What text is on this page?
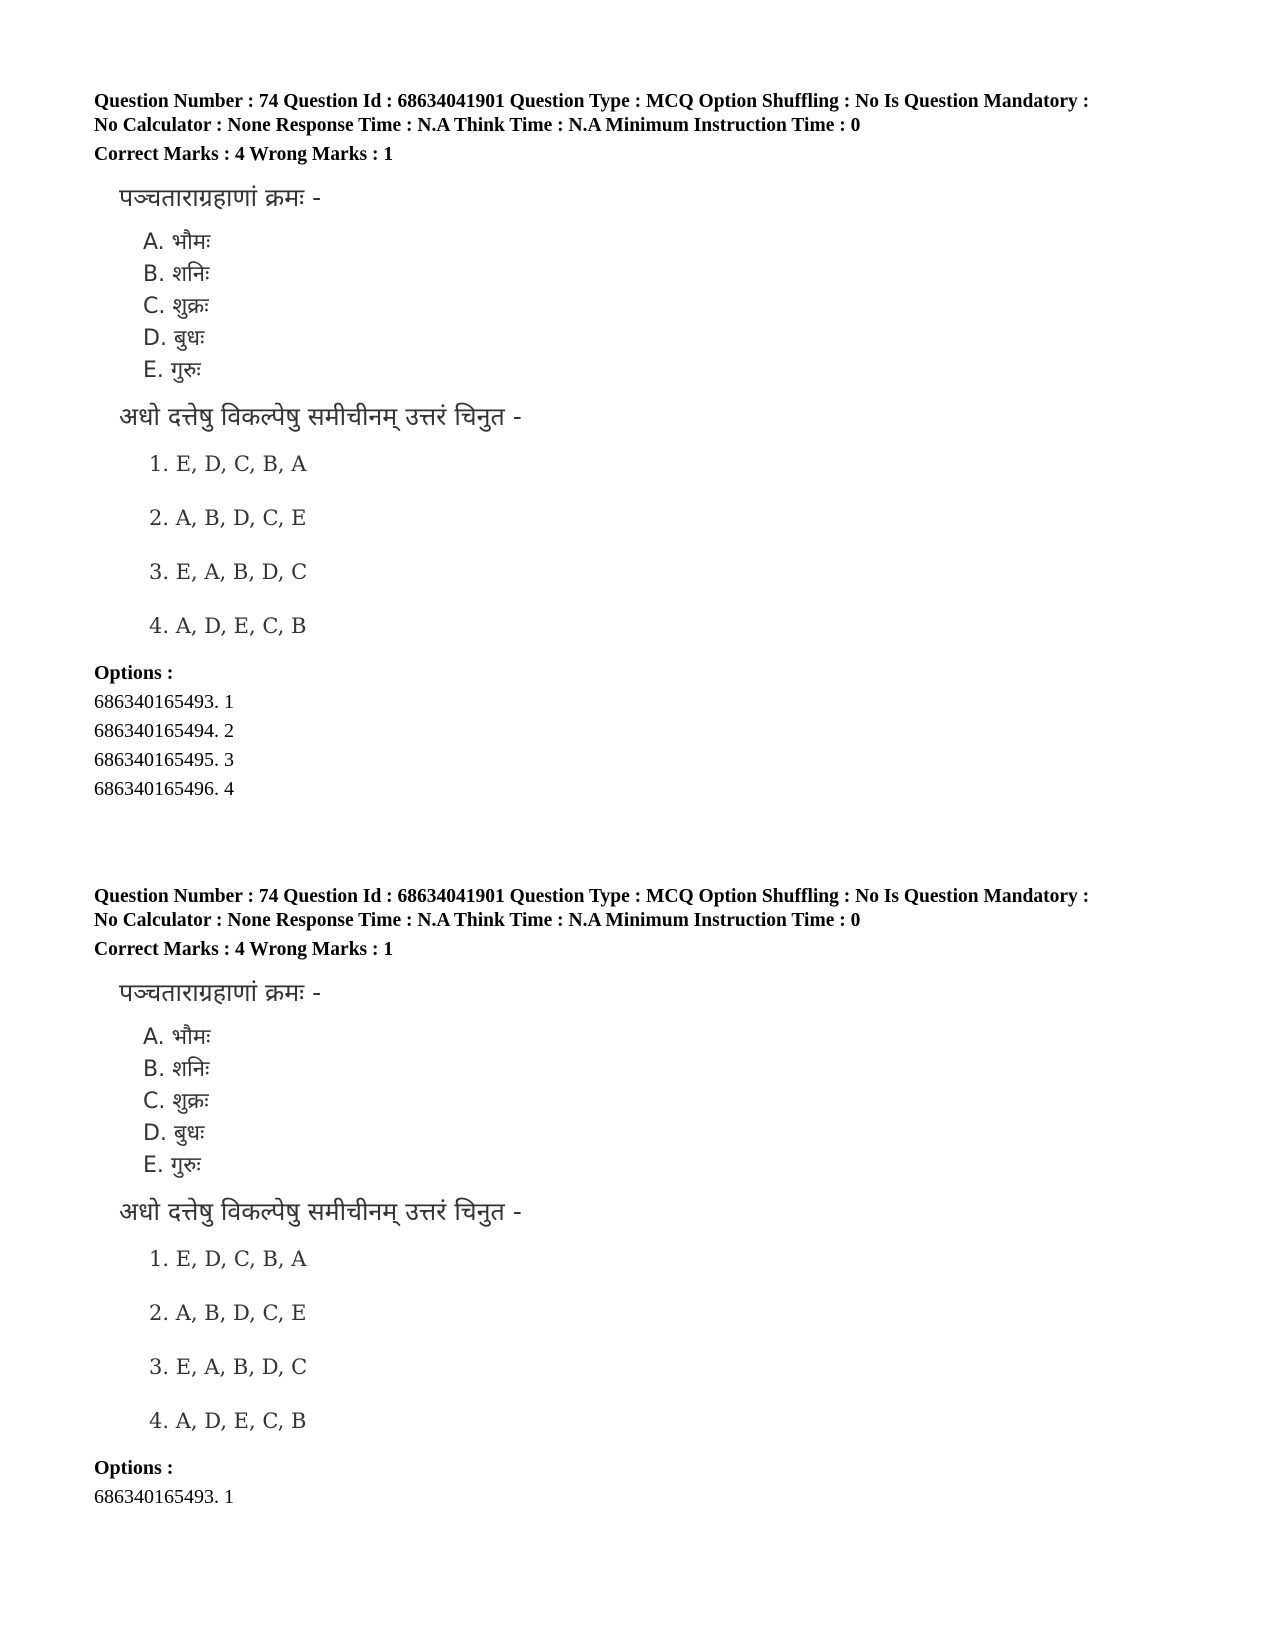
Question Number : 74 Question Id : 68634041901 Question Type : MCQ Option Shuffling : No Is Question Mandatory :

No Calculator : None Response Time : N.A Think Time : N.A Minimum Instruction Time : 0

Correct Marks : 4 Wrong Marks : 1
पञ्चताराग्रहाणां क्रमः -
A. भौमः
B. शनिः
C. शुक्रः
D. बुधः
E. गुरुः
अधो दत्तेषु विकल्पेषु समीचीनम् उत्तरं चिनुत -
1. E, D, C, B, A
2. A, B, D, C, E
3. E, A, B, D, C
4. A, D, E, C, B
Options :
686340165493. 1
686340165494. 2
686340165495. 3
686340165496. 4

Question Number : 74 Question Id : 68634041901 Question Type : MCQ Option Shuffling : No Is Question Mandatory :

No Calculator : None Response Time : N.A Think Time : N.A Minimum Instruction Time : 0

Correct Marks : 4 Wrong Marks : 1
पञ्चताराग्रहाणां क्रमः -
A. भौमः
B. शनिः
C. शुक्रः
D. बुधः
E. गुरुः
अधो दत्तेषु विकल्पेषु समीचीनम् उत्तरं चिनुत -
1. E, D, C, B, A
2. A, B, D, C, E
3. E, A, B, D, C
4. A, D, E, C, B
Options :
686340165493. 1
